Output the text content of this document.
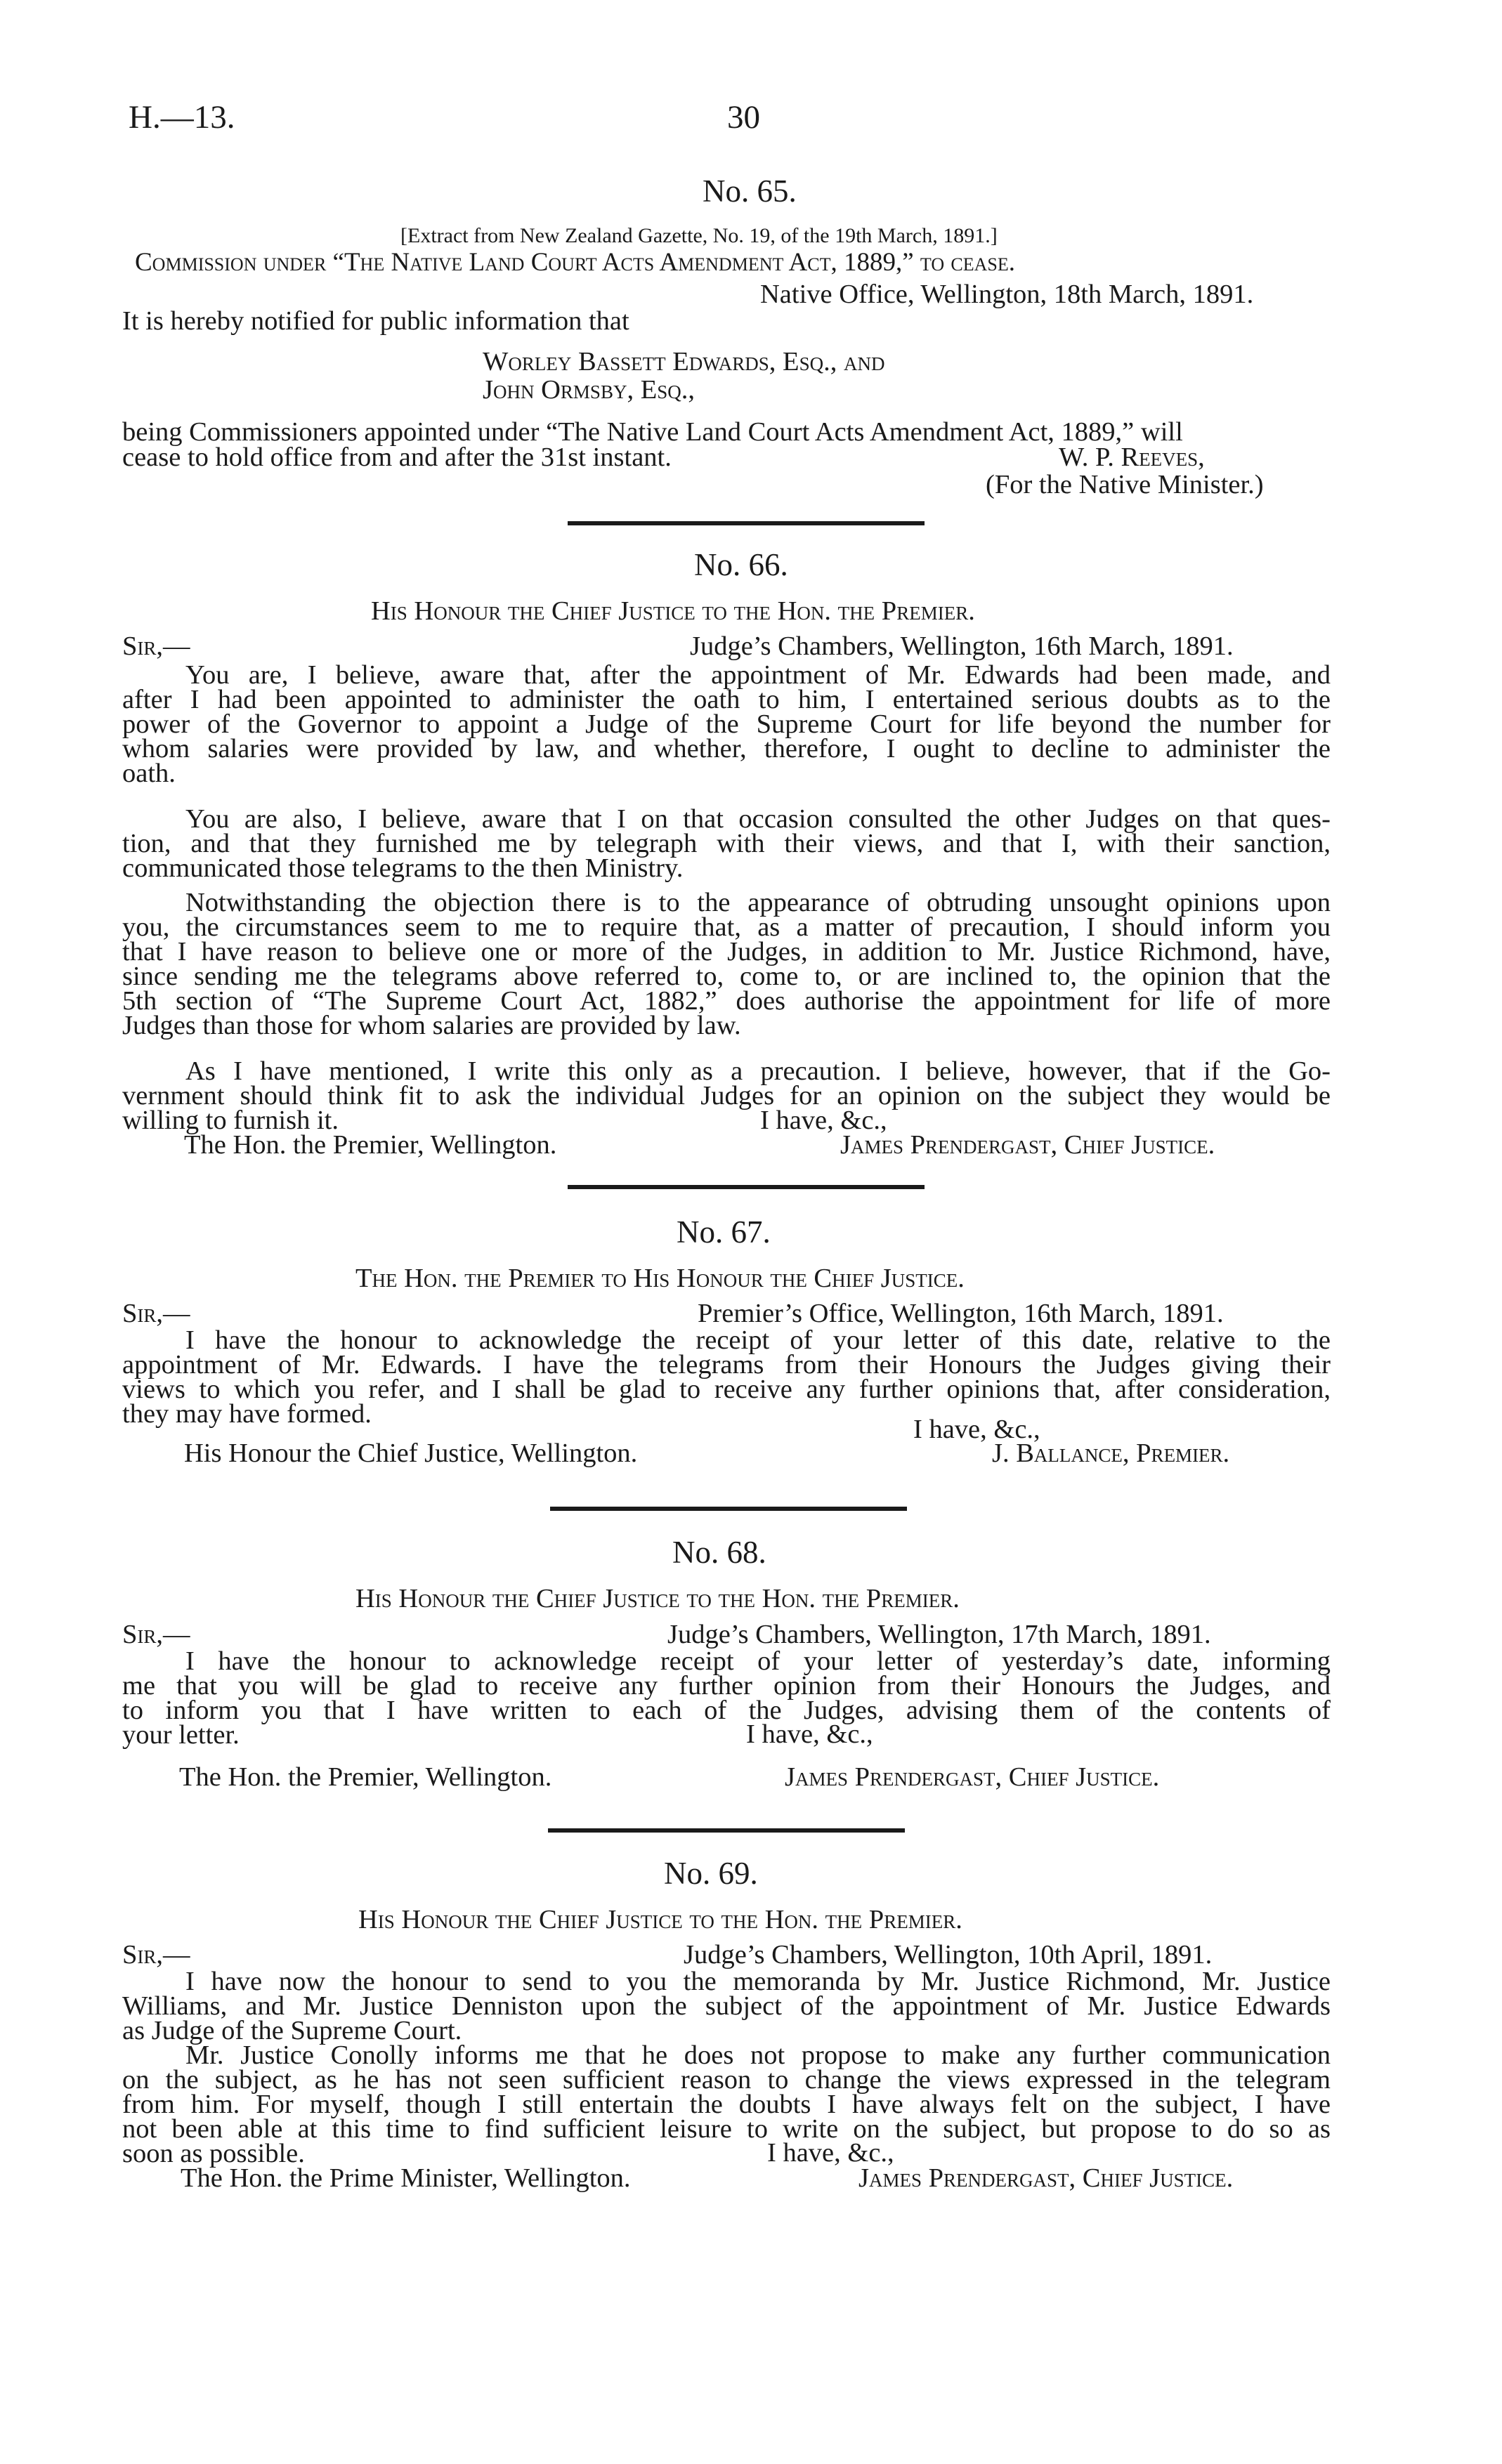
H.—13.	30
No. 65.
[Extract from New Zealand Gazette, No. 19, of the 19th March, 1891.]
Commission under “The Native Land Court Acts Amendment Act, 1889,” to cease.
Native Office, Wellington, 18th March, 1891.
It is hereby notified for public information that
Worley Bassett Edwards, Esq., and
John Ormsby, Esq.,
being Commissioners appointed under “The Native Land Court Acts Amendment Act, 1889,” will
cease to hold office from and after the 31st instant.	W. P. Reeves,
(For the Native Minister.)
No. 66.
His Honour the Chief Justice to the Hon. the Premier.
Sir,—	Judge’s Chambers, Wellington, 16th March, 1891.
You are, I believe, aware that, after the appointment of Mr. Edwards had been made, and
after I had been appointed to administer the oath to him, I entertained serious doubts as to the
power of the Governor to appoint a Judge of the Supreme Court for life beyond the number for
whom salaries were provided by law, and whether, therefore, I ought to decline to administer the
oath.
You are also, I believe, aware that I on that occasion consulted the other Judges on that ques-
tion, and that they furnished me by telegraph with their views, and that I, with their sanction,
communicated those telegrams to the then Ministry.
Notwithstanding the objection there is to the appearance of obtruding unsought opinions upon
you, the circumstances seem to me to require that, as a matter of precaution, I should inform you
that I have reason to believe one or more of the Judges, in addition to Mr. Justice Richmond, have,
since sending me the telegrams above referred to, come to, or are inclined to, the opinion that the
5th section of “The Supreme Court Act, 1882,” does authorise the appointment for life of more
Judges than those for whom salaries are provided by law.
As I have mentioned, I write this only as a precaution. I believe, however, that if the Go-
vernment should think fit to ask the individual Judges for an opinion on the subject they would be
willing to furnish it.	I have, &c.,
The Hon. the Premier, Wellington.	James Prendergast, Chief Justice.
No. 67.
The Hon. the Premier to His Honour the Chief Justice.
Sir,—	Premier’s Office, Wellington, 16th March, 1891.
I have the honour to acknowledge the receipt of your letter of this date, relative to the
appointment of Mr. Edwards. I have the telegrams from their Honours the Judges giving their
views to which you refer, and I shall be glad to receive any further opinions that, after consideration,
they may have formed.
I have, &c.,
His Honour the Chief Justice, Wellington.	J. Ballance, Premier.
No. 68.
His Honour the Chief Justice to the Hon. the Premier.
Sir,—	Judge’s Chambers, Wellington, 17th March, 1891.
I have the honour to acknowledge receipt of your letter of yesterday’s date, informing
me that you will be glad to receive any further opinion from their Honours the Judges, and
to inform you that I have written to each of the Judges, advising them of the contents of
your letter.	I have, &c.,
The Hon. the Premier, Wellington.	James Prendergast, Chief Justice.
No. 69.
His Honour the Chief Justice to the Hon. the Premier.
Sir,—	Judge’s Chambers, Wellington, 10th April, 1891.
I have now the honour to send to you the memoranda by Mr. Justice Richmond, Mr. Justice
Williams, and Mr. Justice Denniston upon the subject of the appointment of Mr. Justice Edwards
as Judge of the Supreme Court.
Mr. Justice Conolly informs me that he does not propose to make any further communication
on the subject, as he has not seen sufficient reason to change the views expressed in the telegram
from him. For myself, though I still entertain the doubts I have always felt on the subject, I have
not been able at this time to find sufficient leisure to write on the subject, but propose to do so as
soon as possible.	I have, &c.,
The Hon. the Prime Minister, Wellington.	James Prendergast, Chief Justice.
